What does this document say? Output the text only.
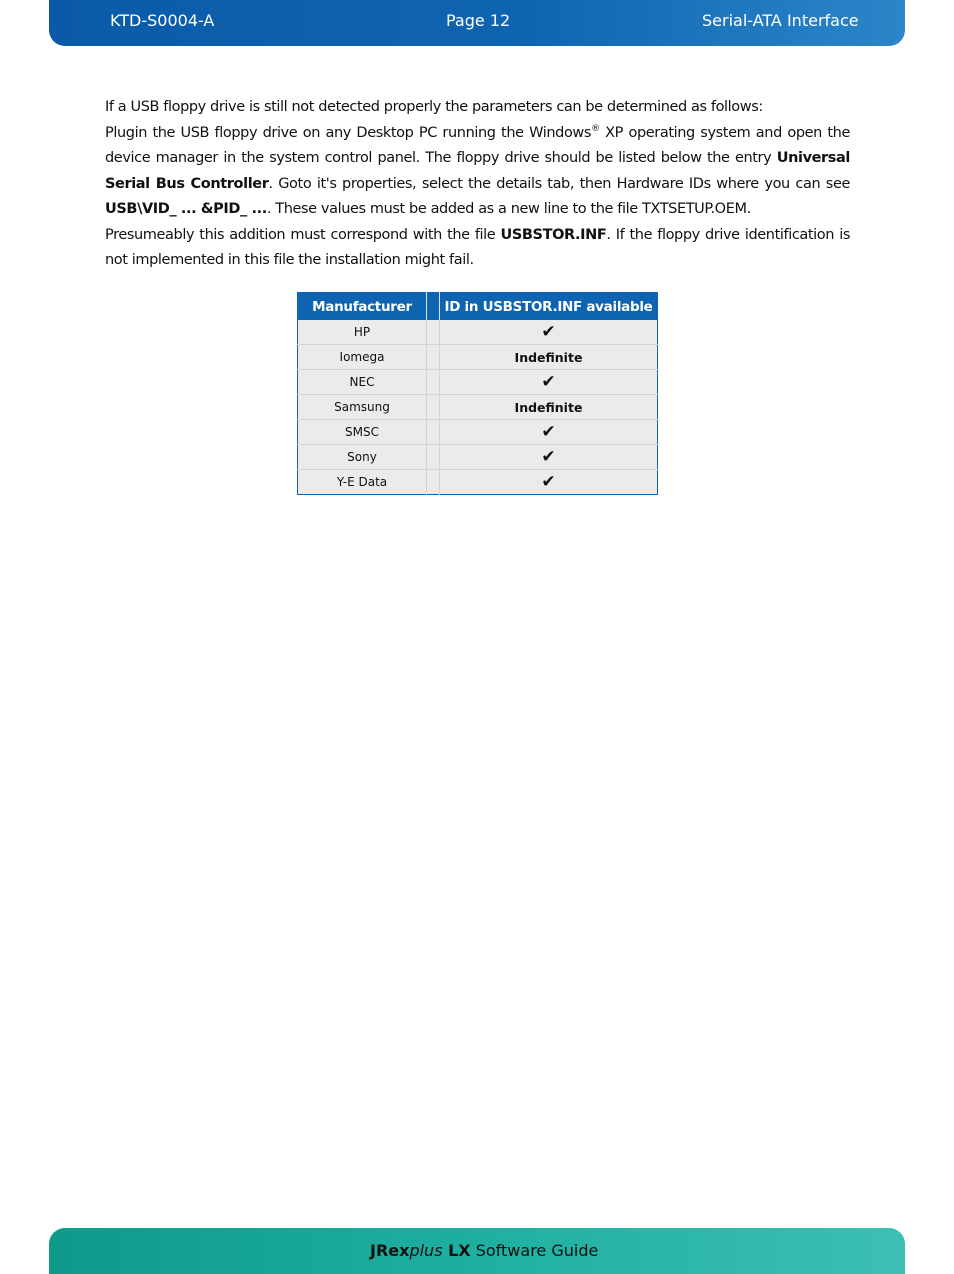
KTD-S0004-A	Page 12	Serial-ATA Interface

If a USB floppy drive is still not detected properly the parameters can be determined as follows:

Plugin the USB floppy drive on any Desktop PC running the Windows® XP operating system and open the device manager in the system control panel. The floppy drive should be listed below the entry Universal Serial Bus Controller. Goto it's properties, select the details tab, then Hardware IDs where you can see USB\VID_ ... &PID_ .... These values must be added as a new line to the file TXTSETUP.OEM.

Presumeably this addition must correspond with the file USBSTOR.INF. If the floppy drive identification is not implemented in this file the installation might fail.

Manufacturer		ID in USBSTOR.INF available
HP		✔
Iomega		Indefinite
NEC		✔
Samsung		Indefinite
SMSC		✔
Sony		✔
Y-E Data		✔
JRexplus LX Software Guide
